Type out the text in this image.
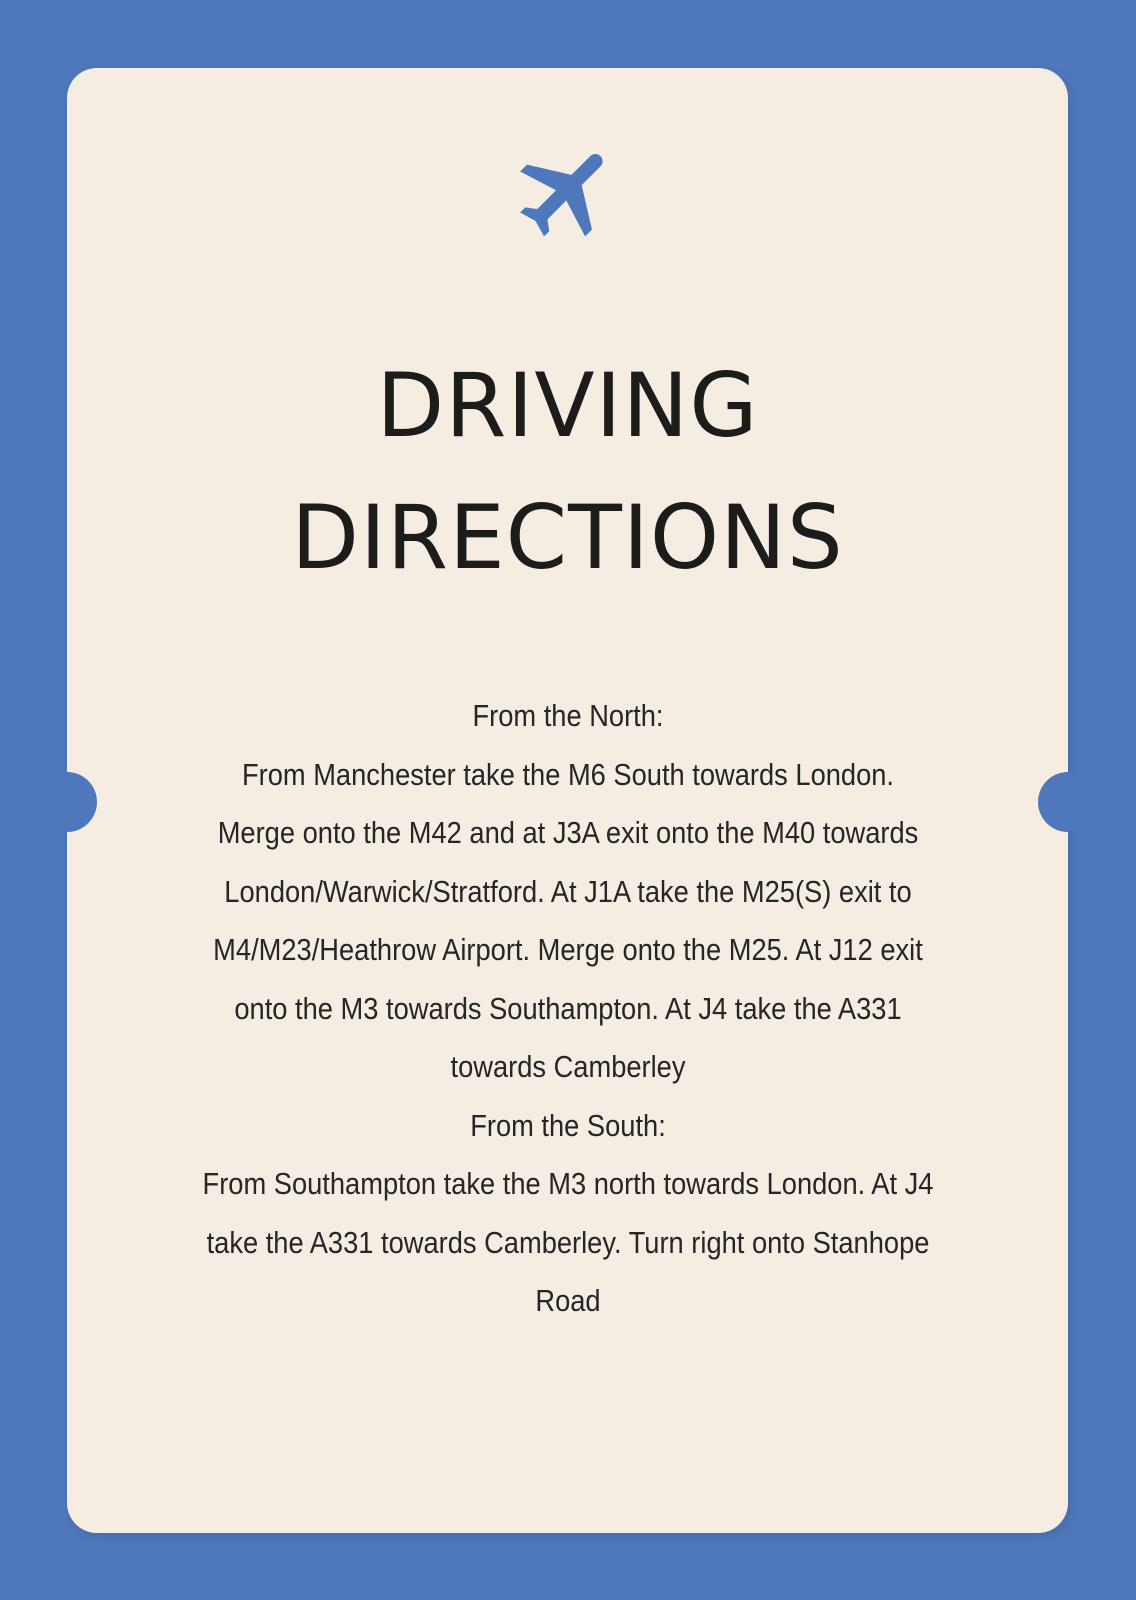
DRIVING
DIRECTIONS

From the North:

From Manchester take the M6 South towards London. Merge onto the M42 and at J3A exit onto the M40 towards London/Warwick/Stratford. At J1A take the M25(S) exit to M4/M23/Heathrow Airport. Merge onto the M25. At J12 exit onto the M3 towards Southampton. At J4 take the A331 towards Camberley

From the South:

From Southampton take the M3 north towards London. At J4 take the A331 towards Camberley. Turn right onto Stanhope Road
